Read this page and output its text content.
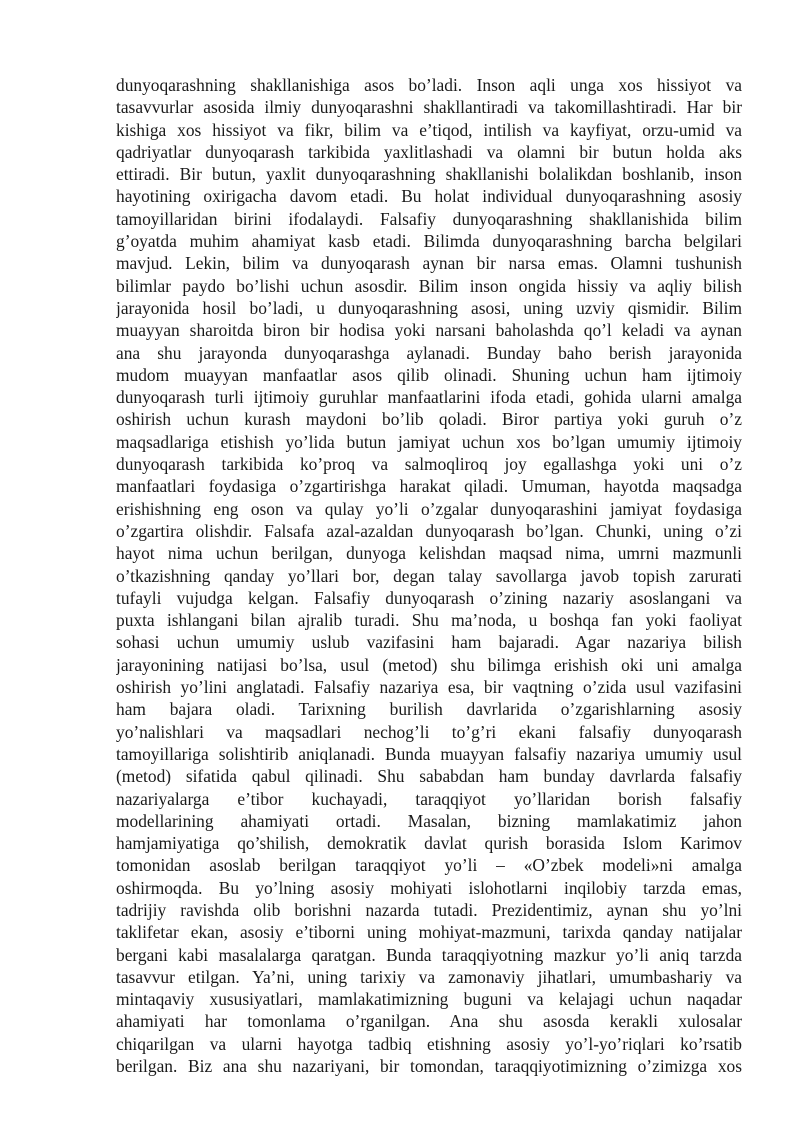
dunyoqarashning shakllanishiga asos bo’ladi. Inson aqli unga xos hissiyot va
tasavvurlar asosida ilmiy dunyoqarashni shakllantiradi va takomillashtiradi. Har bir
kishiga xos hissiyot va fikr, bilim va e’tiqod, intilish va kayfiyat, orzu-umid va
qadriyatlar dunyoqarash tarkibida yaxlitlashadi va olamni bir butun holda aks
ettiradi. Bir butun, yaxlit dunyoqarashning shakllanishi bolalikdan boshlanib, inson
hayotining oxirigacha davom etadi. Bu holat individual dunyoqarashning asosiy
tamoyillaridan birini ifodalaydi. Falsafiy dunyoqarashning shakllanishida bilim
g’oyatda muhim ahamiyat kasb etadi. Bilimda dunyoqarashning barcha belgilari
mavjud. Lekin, bilim va dunyoqarash aynan bir narsa emas. Olamni tushunish
bilimlar paydo bo’lishi uchun asosdir. Bilim inson ongida hissiy va aqliy bilish
jarayonida hosil bo’ladi, u dunyoqarashning asosi, uning uzviy qismidir. Bilim
muayyan sharoitda biron bir hodisa yoki narsani baholashda qo’l keladi va aynan
ana shu jarayonda dunyoqarashga aylanadi. Bunday baho berish jarayonida
mudom muayyan manfaatlar asos qilib olinadi. Shuning uchun ham ijtimoiy
dunyoqarash turli ijtimoiy guruhlar manfaatlarini ifoda etadi, gohida ularni amalga
oshirish uchun kurash maydoni bo’lib qoladi. Biror partiya yoki guruh o’z
maqsadlariga etishish yo’lida butun jamiyat uchun xos bo’lgan umumiy ijtimoiy
dunyoqarash tarkibida ko’proq va salmoqliroq joy egallashga yoki uni o’z
manfaatlari foydasiga o’zgartirishga harakat qiladi. Umuman, hayotda maqsadga
erishishning eng oson va qulay yo’li o’zgalar dunyoqarashini jamiyat foydasiga
o’zgartira olishdir. Falsafa azal-azaldan dunyoqarash bo’lgan. Chunki, uning o’zi
hayot nima uchun berilgan, dunyoga kelishdan maqsad nima, umrni mazmunli
o’tkazishning qanday yo’llari bor, degan talay savollarga javob topish zarurati
tufayli vujudga kelgan. Falsafiy dunyoqarash o’zining nazariy asoslangani va
puxta ishlangani bilan ajralib turadi. Shu ma’noda, u boshqa fan yoki faoliyat
sohasi uchun umumiy uslub vazifasini ham bajaradi. Agar nazariya bilish
jarayonining natijasi bo’lsa, usul (metod) shu bilimga erishish oki uni amalga
oshirish yo’lini anglatadi. Falsafiy nazariya esa, bir vaqtning o’zida usul vazifasini
ham bajara oladi. Tarixning burilish davrlarida o’zgarishlarning asosiy
yo’nalishlari va maqsadlari nechog’li to’g’ri ekani falsafiy dunyoqarash
tamoyillariga solishtirib aniqlanadi. Bunda muayyan falsafiy nazariya umumiy usul
(metod) sifatida qabul qilinadi. Shu sababdan ham bunday davrlarda falsafiy
nazariyalarga e’tibor kuchayadi, taraqqiyot yo’llaridan borish falsafiy
modellarining ahamiyati ortadi. Masalan, bizning mamlakatimiz jahon
hamjamiyatiga qo’shilish, demokratik davlat qurish borasida Islom Karimov
tomonidan asoslab berilgan taraqqiyot yo’li – «O’zbek modeli»ni amalga
oshirmoqda. Bu yo’lning asosiy mohiyati islohotlarni inqilobiy tarzda emas,
tadrijiy ravishda olib borishni nazarda tutadi. Prezidentimiz, aynan shu yo’lni
taklifetar ekan, asosiy e’tiborni uning mohiyat-mazmuni, tarixda qanday natijalar
bergani kabi masalalarga qaratgan. Bunda taraqqiyotning mazkur yo’li aniq tarzda
tasavvur etilgan. Ya’ni, uning tarixiy va zamonaviy jihatlari, umumbashariy va
mintaqaviy xususiyatlari, mamlakatimizning buguni va kelajagi uchun naqadar
ahamiyati har tomonlama o’rganilgan. Ana shu asosda kerakli xulosalar
chiqarilgan va ularni hayotga tadbiq etishning asosiy yo’l-yo’riqlari ko’rsatib
berilgan. Biz ana shu nazariyani, bir tomondan, taraqqiyotimizning o’zimizga xos
